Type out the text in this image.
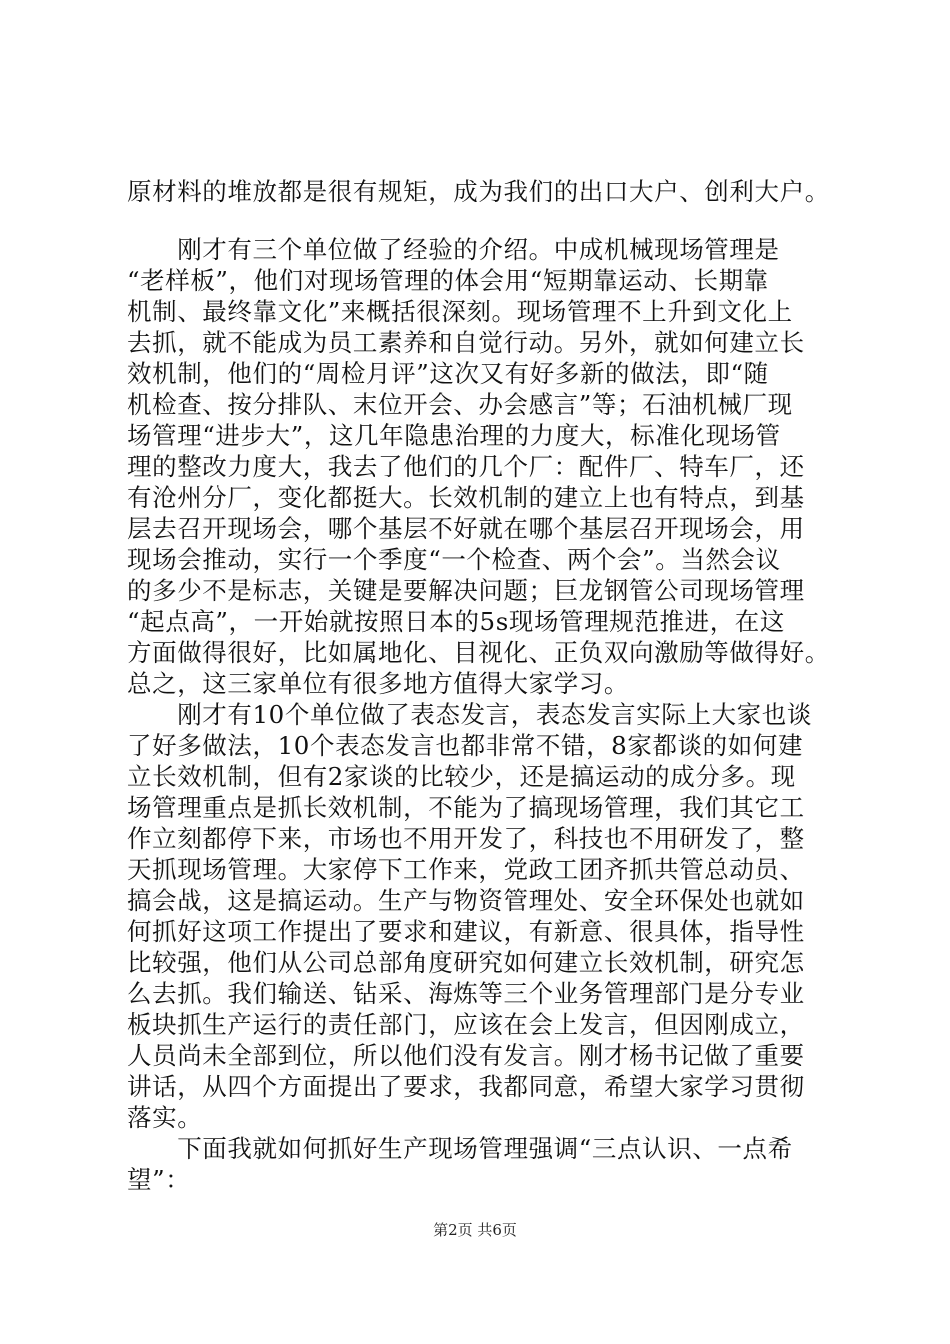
原材料的堆放都是很有规矩，成为我们的出口大户、创利大户。
　　刚才有三个单位做了经验的介绍。中成机械现场管理是
“老样板”，他们对现场管理的体会用“短期靠运动、长期靠
机制、最终靠文化”来概括很深刻。现场管理不上升到文化上
去抓，就不能成为员工素养和自觉行动。另外，就如何建立长
效机制，他们的“周检月评”这次又有好多新的做法，即“随
机检查、按分排队、末位开会、办会感言”等；石油机械厂现
场管理“进步大”，这几年隐患治理的力度大，标准化现场管
理的整改力度大，我去了他们的几个厂：配件厂、特车厂，还
有沧州分厂，变化都挺大。长效机制的建立上也有特点，到基
层去召开现场会，哪个基层不好就在哪个基层召开现场会，用
现场会推动，实行一个季度“一个检查、两个会”。当然会议
的多少不是标志，关键是要解决问题；巨龙钢管公司现场管理
“起点高”，一开始就按照日本的5s现场管理规范推进，在这
方面做得很好，比如属地化、目视化、正负双向激励等做得好。
总之，这三家单位有很多地方值得大家学习。
　　刚才有10个单位做了表态发言，表态发言实际上大家也谈
了好多做法，10个表态发言也都非常不错，8家都谈的如何建
立长效机制，但有2家谈的比较少，还是搞运动的成分多。现
场管理重点是抓长效机制，不能为了搞现场管理，我们其它工
作立刻都停下来，市场也不用开发了，科技也不用研发了，整
天抓现场管理。大家停下工作来，党政工团齐抓共管总动员、
搞会战，这是搞运动。生产与物资管理处、安全环保处也就如
何抓好这项工作提出了要求和建议，有新意、很具体，指导性
比较强，他们从公司总部角度研究如何建立长效机制，研究怎
么去抓。我们输送、钻采、海炼等三个业务管理部门是分专业
板块抓生产运行的责任部门，应该在会上发言，但因刚成立，
人员尚未全部到位，所以他们没有发言。刚才杨书记做了重要
讲话，从四个方面提出了要求，我都同意，希望大家学习贯彻
落实。
　　下面我就如何抓好生产现场管理强调“三点认识、一点希
望”：
第2页 共6页
